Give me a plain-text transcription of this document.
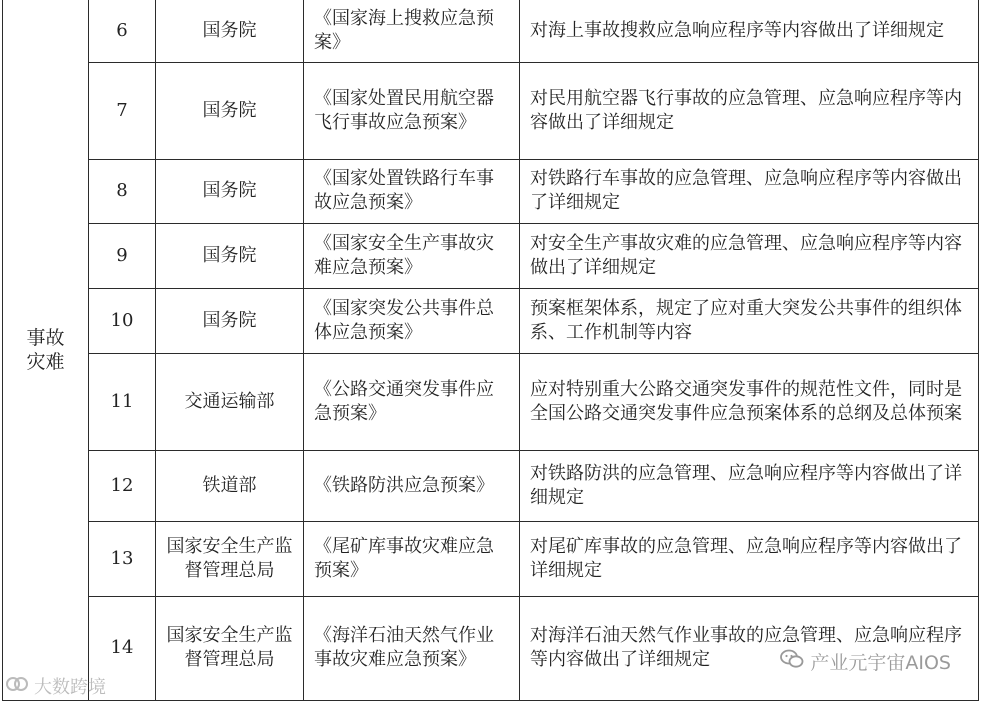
事故
灾难	6	国务院	《国家海上搜救应急预案》	对海上事故搜救应急响应程序等内容做出了详细规定
	7	国务院	《国家处置民用航空器飞行事故应急预案》	对民用航空器飞行事故的应急管理、应急响应程序等内容做出了详细规定
	8	国务院	《国家处置铁路行车事故应急预案》	对铁路行车事故的应急管理、应急响应程序等内容做出了详细规定
	9	国务院	《国家安全生产事故灾难应急预案》	对安全生产事故灾难的应急管理、应急响应程序等内容做出了详细规定
	10	国务院	《国家突发公共事件总体应急预案》	预案框架体系，规定了应对重大突发公共事件的组织体系、工作机制等内容
	11	交通运输部	《公路交通突发事件应急预案》	应对特别重大公路交通突发事件的规范性文件，同时是全国公路交通突发事件应急预案体系的总纲及总体预案
	12	铁道部	《铁路防洪应急预案》	对铁路防洪的应急管理、应急响应程序等内容做出了详细规定
	13	国家安全生产监督管理总局	《尾矿库事故灾难应急预案》	对尾矿库事故的应急管理、应急响应程序等内容做出了详细规定
	14	国家安全生产监督管理总局	《海洋石油天然气作业事故灾难应急预案》	对海洋石油天然气作业事故的应急管理、应急响应程序等内容做出了详细规定
大数跨境
产业元宇宙AIOS
